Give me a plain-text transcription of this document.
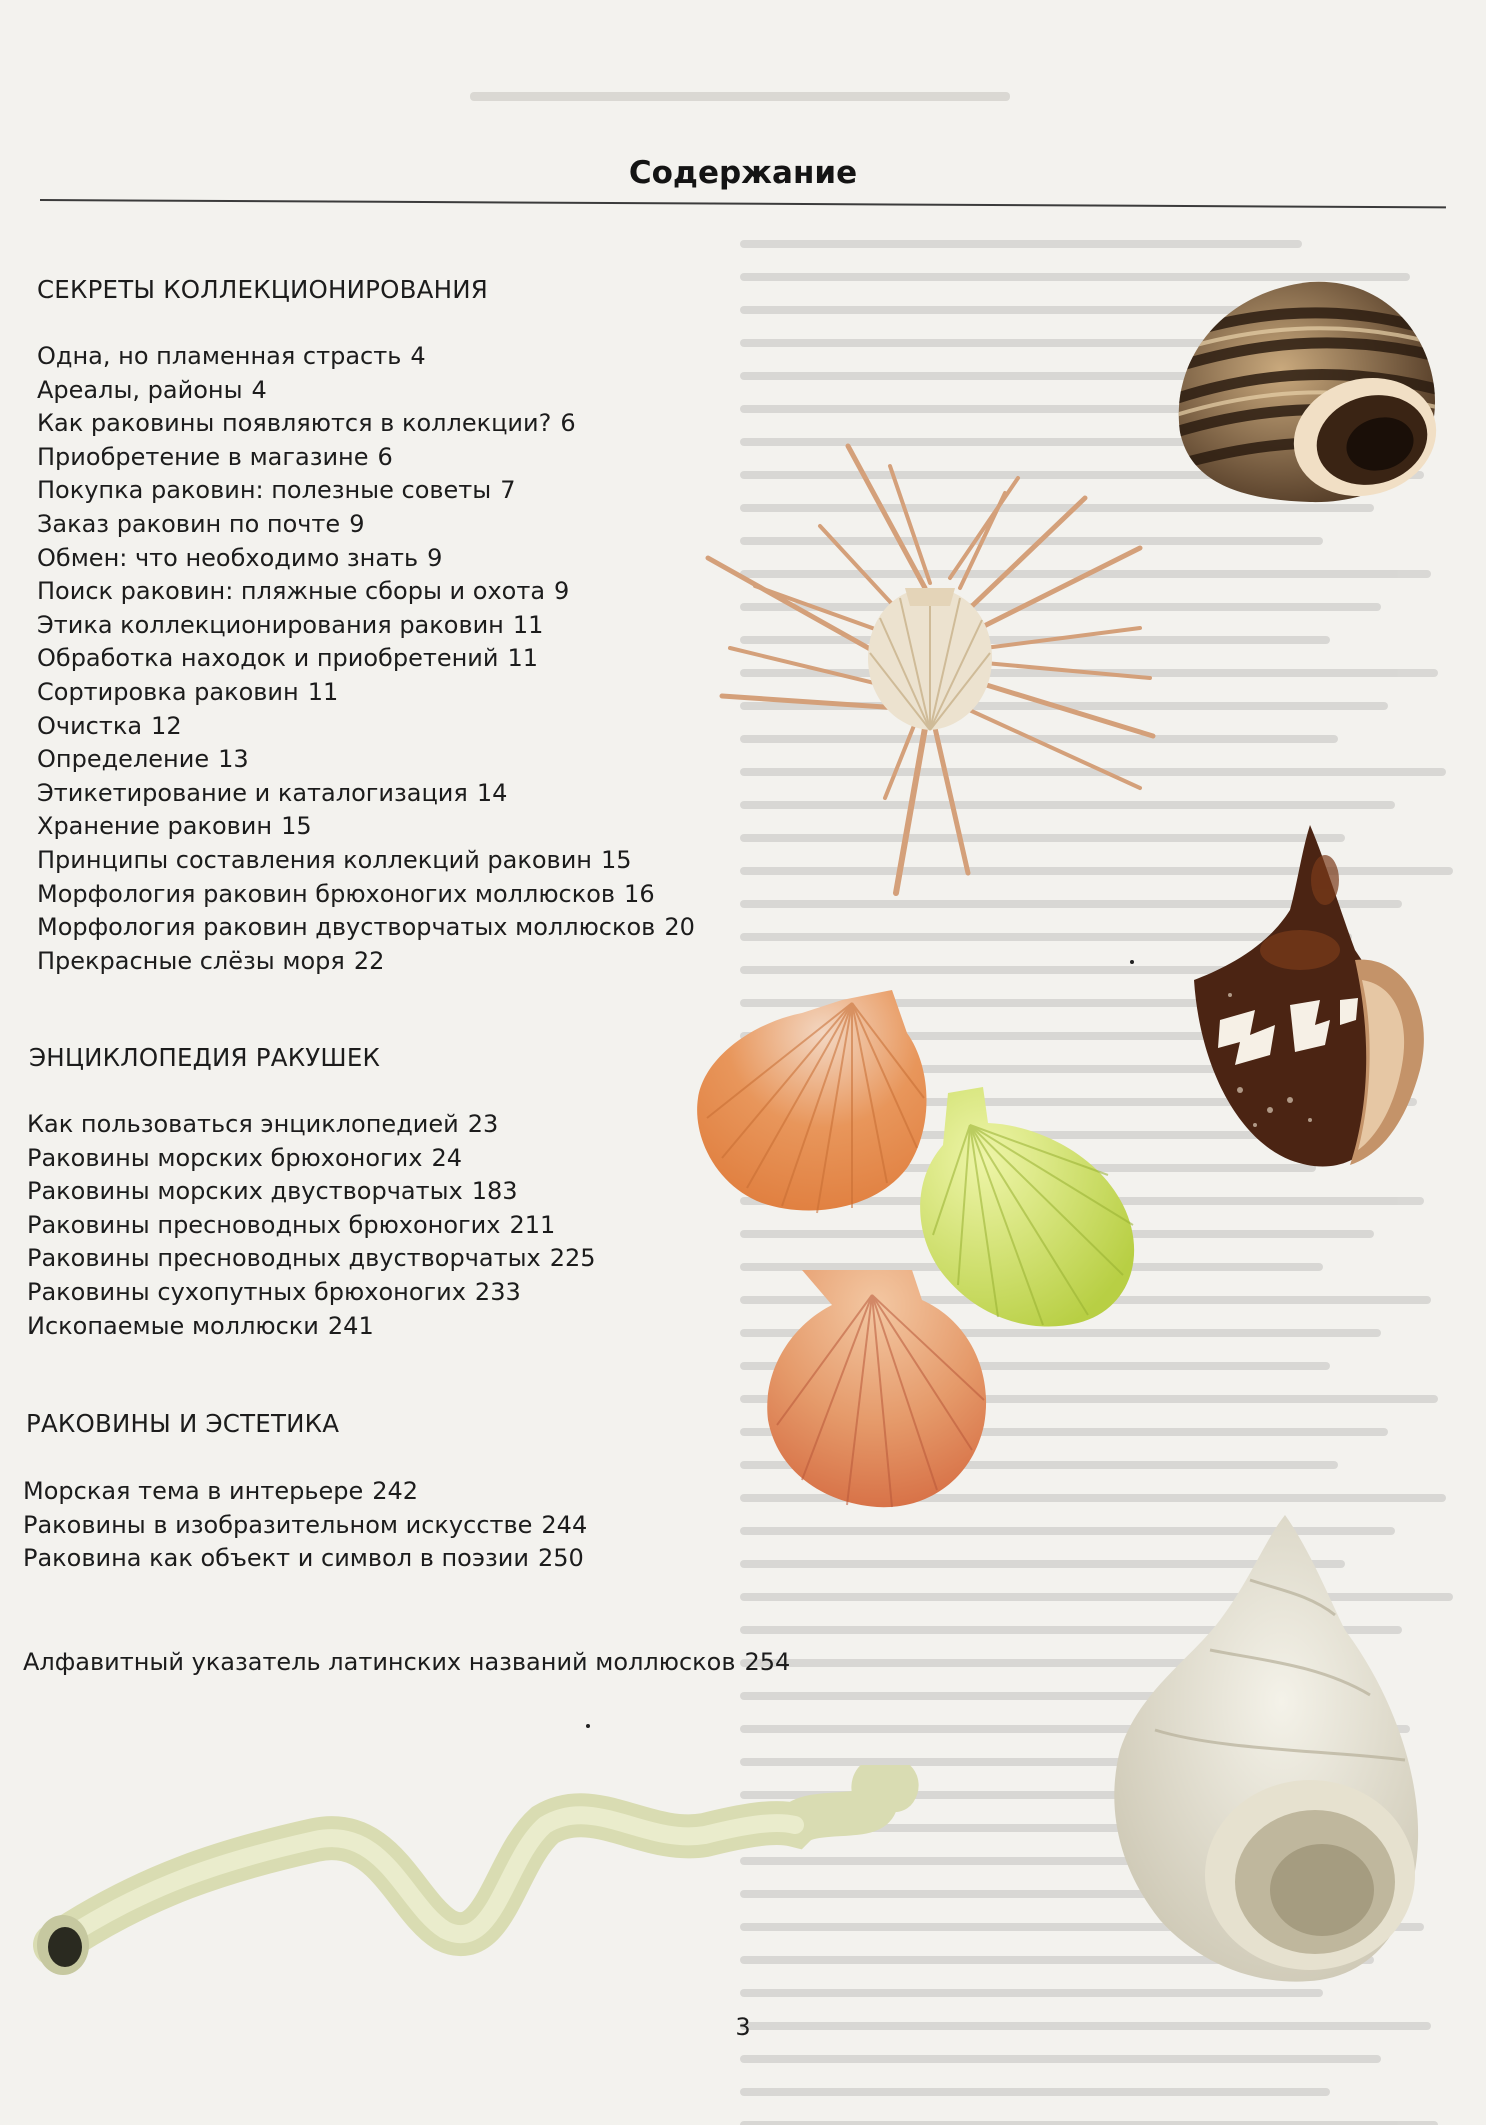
Содержание
СЕКРЕТЫ КОЛЛЕКЦИОНИРОВАНИЯ
Одна, но пламенная страсть 4
Ареалы, районы 4
Как раковины появляются в коллекции? 6
Приобретение в магазине 6
Покупка раковин: полезные советы 7
Заказ раковин по почте 9
Обмен: что необходимо знать 9
Поиск раковин: пляжные сборы и охота 9
Этика коллекционирования раковин 11
Обработка находок и приобретений 11
Сортировка раковин 11
Очистка 12
Определение 13
Этикетирование и каталогизация 14
Хранение раковин 15
Принципы составления коллекций раковин 15
Морфология раковин брюхоногих моллюсков 16
Морфология раковин двустворчатых моллюсков 20
Прекрасные слёзы моря 22
ЭНЦИКЛОПЕДИЯ РАКУШЕК
Как пользоваться энциклопедией 23
Раковины морских брюхоногих 24
Раковины морских двустворчатых 183
Раковины пресноводных брюхоногих 211
Раковины пресноводных двустворчатых 225
Раковины сухопутных брюхоногих 233
Ископаемые моллюски 241
РАКОВИНЫ И ЭСТЕТИКА
Морская тема в интерьере 242
Раковины в изобразительном искусстве 244
Раковина как объект и символ в поэзии 250

Алфавитный указатель латинских названий моллюсков 254

3
